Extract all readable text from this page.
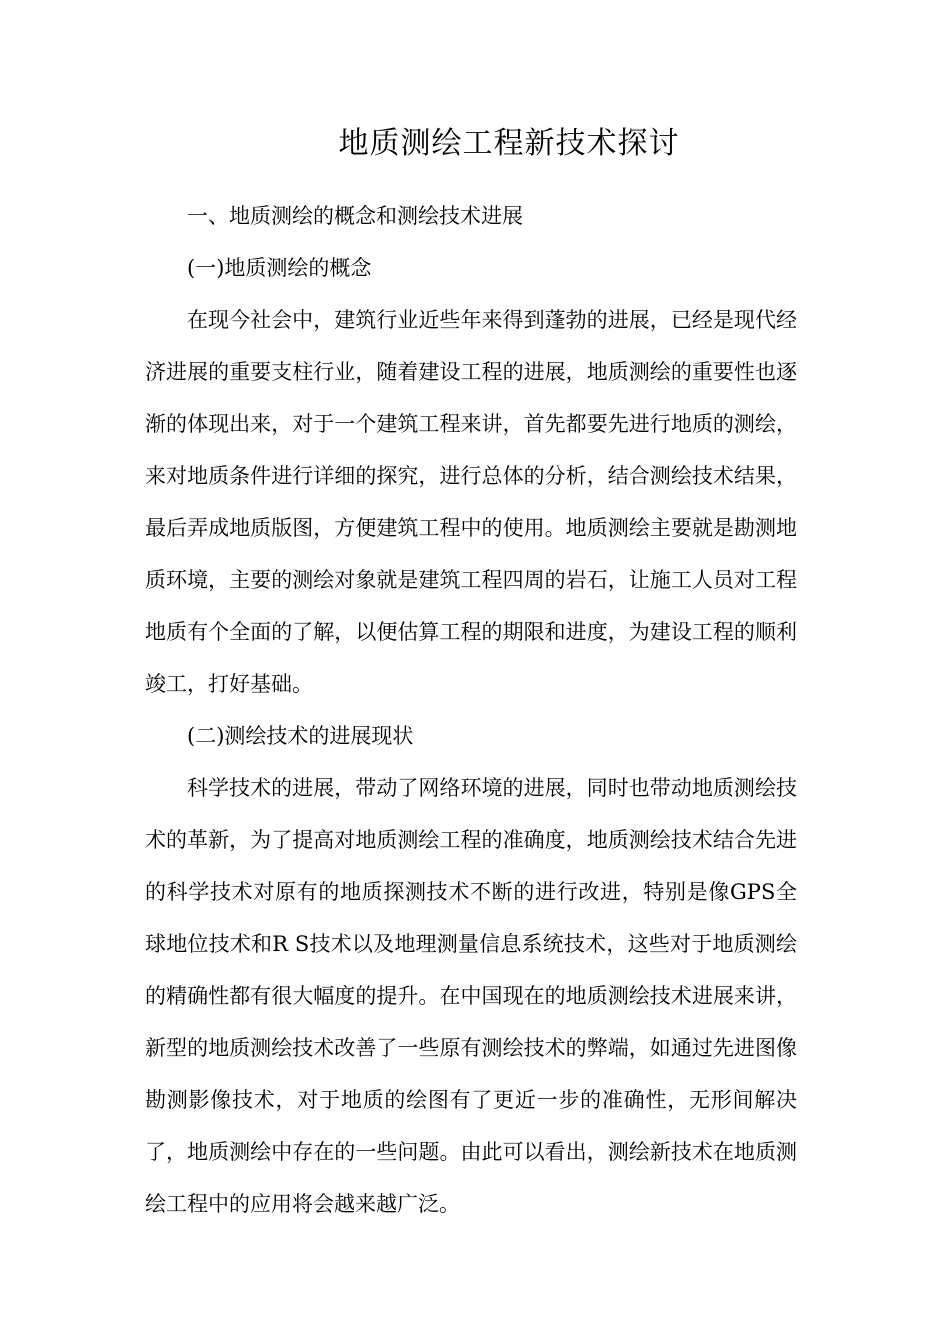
地质测绘工程新技术探讨

一、地质测绘的概念和测绘技术进展

(一)地质测绘的概念

在现今社会中，建筑行业近些年来得到蓬勃的进展，已经是现代经济进展的重要支柱行业，随着建设工程的进展，地质测绘的重要性也逐渐的体现出来，对于一个建筑工程来讲，首先都要先进行地质的测绘，来对地质条件进行详细的探究，进行总体的分析，结合测绘技术结果，最后弄成地质版图，方便建筑工程中的使用。地质测绘主要就是勘测地质环境，主要的测绘对象就是建筑工程四周的岩石，让施工人员对工程地质有个全面的了解，以便估算工程的期限和进度，为建设工程的顺利竣工，打好基础。

(二)测绘技术的进展现状

科学技术的进展，带动了网络环境的进展，同时也带动地质测绘技术的革新，为了提高对地质测绘工程的准确度，地质测绘技术结合先进的科学技术对原有的地质探测技术不断的进行改进，特别是像GPS全球地位技术和R S技术以及地理测量信息系统技术，这些对于地质测绘的精确性都有很大幅度的提升。在中国现在的地质测绘技术进展来讲，新型的地质测绘技术改善了一些原有测绘技术的弊端，如通过先进图像勘测影像技术，对于地质的绘图有了更近一步的准确性，无形间解决了，地质测绘中存在的一些问题。由此可以看出，测绘新技术在地质测绘工程中的应用将会越来越广泛。
